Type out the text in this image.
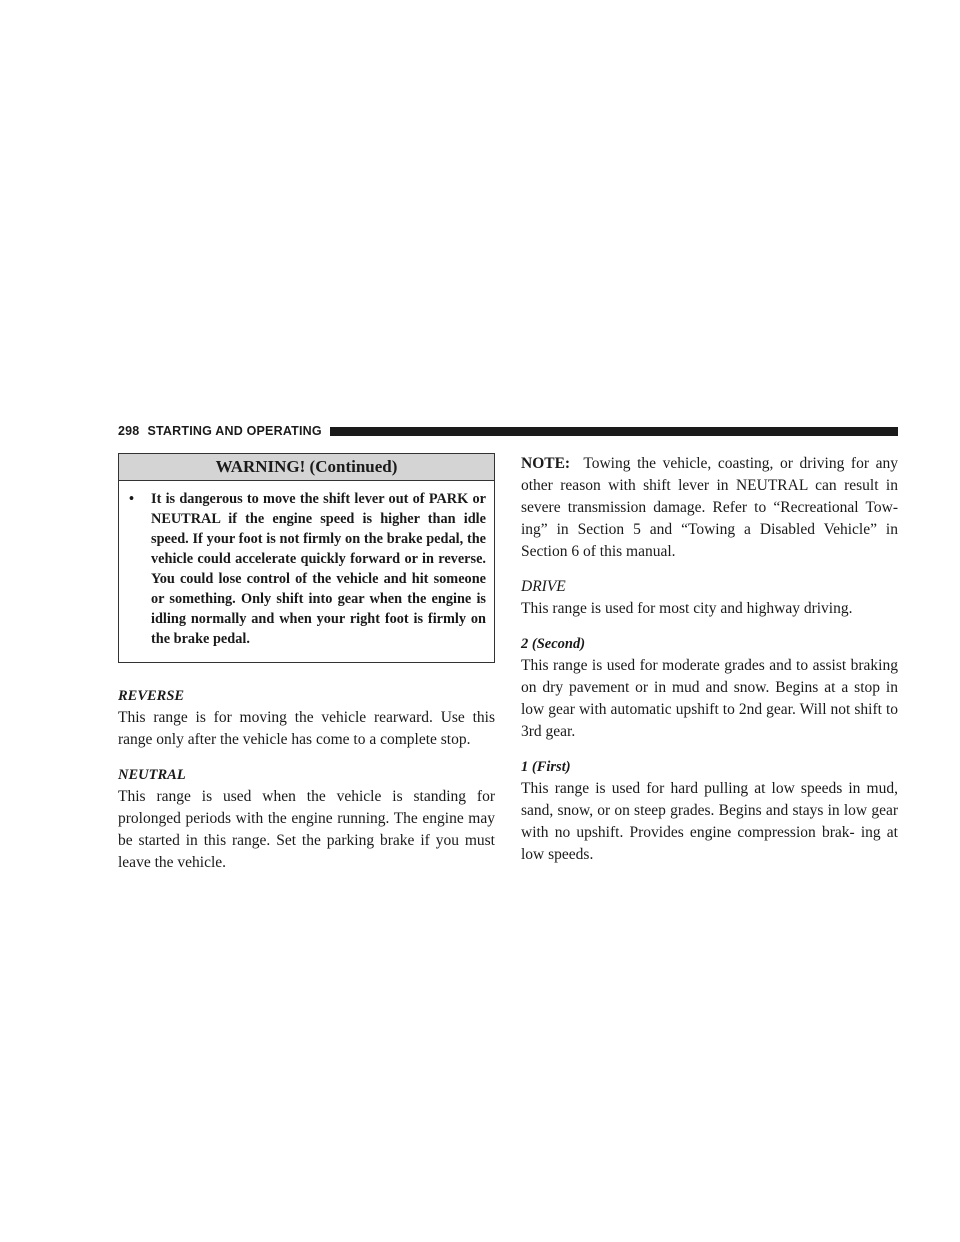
298 STARTING AND OPERATING
WARNING! (Continued)
•	It is dangerous to move the shift lever out of PARK or NEUTRAL if the engine speed is higher than idle speed. If your foot is not firmly on the brake pedal, the vehicle could accelerate quickly forward or in reverse. You could lose control of the vehicle and hit someone or something. Only shift into gear when the engine is idling normally and when your right foot is firmly on the brake pedal.

REVERSE

This range is for moving the vehicle rearward. Use this range only after the vehicle has come to a complete stop.

NEUTRAL

This range is used when the vehicle is standing for prolonged periods with the engine running. The engine may be started in this range. Set the parking brake if you must leave the vehicle.

NOTE: Towing the vehicle, coasting, or driving for any other reason with shift lever in NEUTRAL can result in severe transmission damage. Refer to “Recreational Tow- ing” in Section 5 and “Towing a Disabled Vehicle” in Section 6 of this manual.

DRIVE

This range is used for most city and highway driving.

2 (Second)

This range is used for moderate grades and to assist braking on dry pavement or in mud and snow. Begins at a stop in low gear with automatic upshift to 2nd gear. Will not shift to 3rd gear.

1 (First)

This range is used for hard pulling at low speeds in mud, sand, snow, or on steep grades. Begins and stays in low gear with no upshift. Provides engine compression brak- ing at low speeds.
